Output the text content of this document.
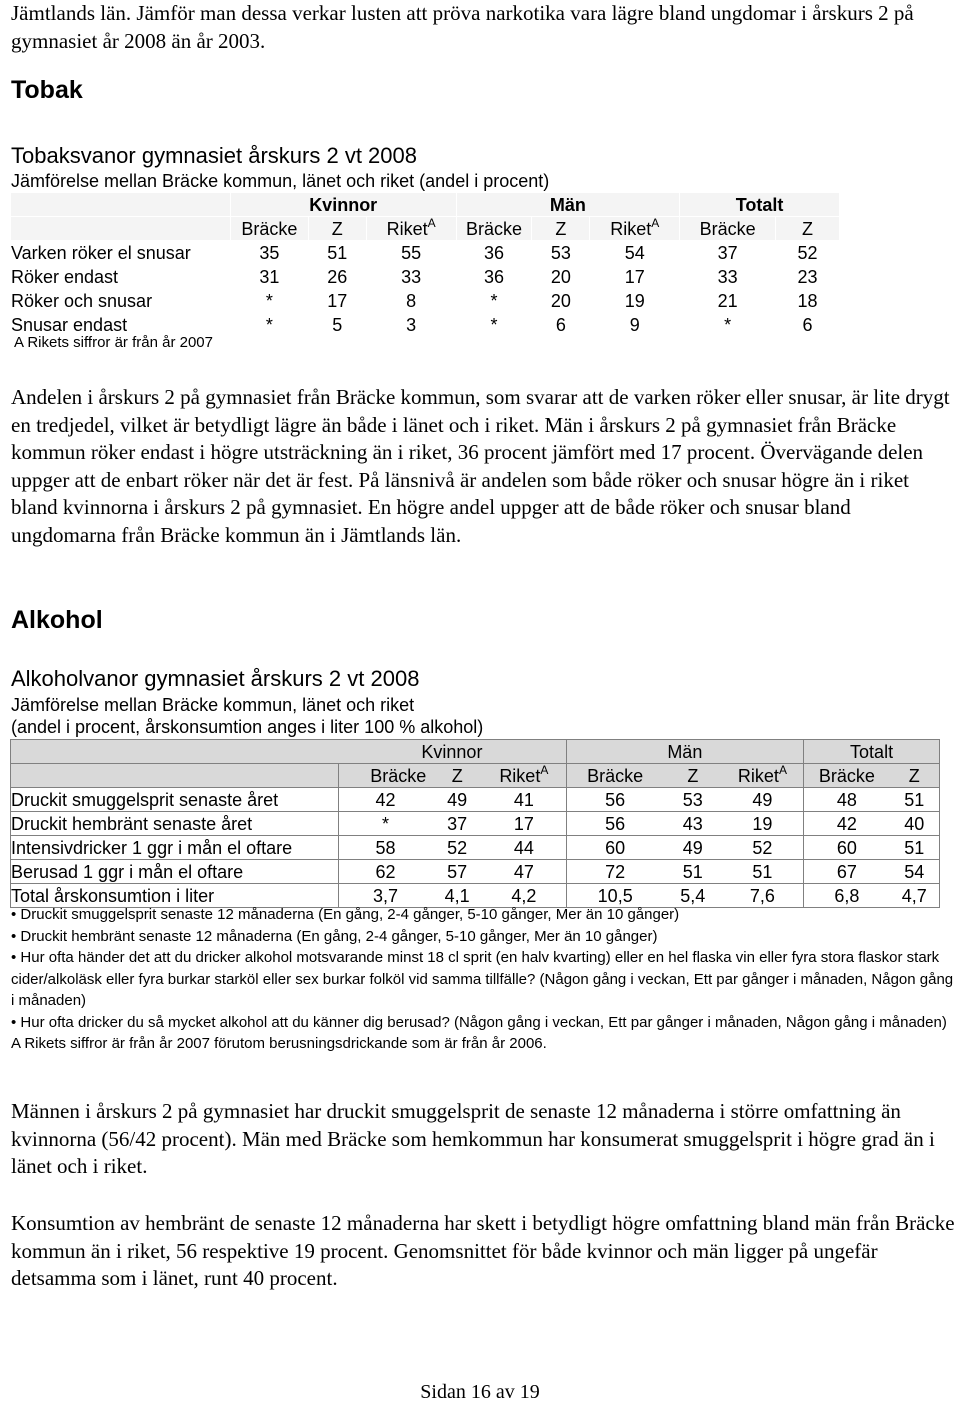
Jämtlands län. Jämför man dessa verkar lusten att pröva narkotika vara lägre bland ungdomar i årskurs 2 på gymnasiet år 2008 än år 2003.

Tobak

Tobaksvanor gymnasiet årskurs 2 vt 2008

Jämförelse mellan Bräcke kommun, länet och riket (andel i procent)

	Kvinnor			Män			Totalt	
	Bräcke	Z	Riket$^A$	Bräcke	Z	Riket$^A$	Bräcke	Z
Varken röker el snusar	35	51	55	36	53	54	37	52
Röker endast	31	26	33	36	20	17	33	23
Röker och snusar	*	17	8	*	20	19	21	18
Snusar endast	*	5	3	*	6	9	*	6

A Rikets siffror är från år 2007

Andelen i årskurs 2 på gymnasiet från Bräcke kommun, som svarar att de varken röker eller snusar, är lite drygt en tredjedel, vilket är betydligt lägre än både i länet och i riket. Män i årskurs 2 på gymnasiet från Bräcke kommun röker endast i högre utsträckning än i riket, 36 procent jämfört med 17 procent. Övervägande delen uppger att de enbart röker när det är fest. På länsnivå är andelen som både röker och snusar högre än i riket bland kvinnorna i årskurs 2 på gymnasiet. En högre andel uppger att de både röker och snusar bland ungdomarna från Bräcke kommun än i Jämtlands län.

Alkohol

Alkoholvanor gymnasiet årskurs 2 vt 2008

Jämförelse mellan Bräcke kommun, länet och riket

(andel i procent, årskonsumtion anges i liter 100 % alkohol)

	Kvinnor			Män			Totalt	
	Bräcke	Z	Riket$^A$	Bräcke	Z	Riket$^A$	Bräcke	Z
Druckit smuggelsprit senaste året	42	49	41	56	53	49	48	51
Druckit hembränt senaste året	*	37	17	56	43	19	42	40
Intensivdricker 1 ggr i mån el oftare	58	52	44	60	49	52	60	51
Berusad 1 ggr i mån el oftare	62	57	47	72	51	51	67	54
Total årskonsumtion i liter	3,7	4,1	4,2	10,5	5,4	7,6	6,8	4,7
• Druckit smuggelsprit senaste 12 månaderna (En gång, 2-4 gånger, 5-10 gånger, Mer än 10 gånger)
• Druckit hembränt senaste 12 månaderna (En gång, 2-4 gånger, 5-10 gånger, Mer än 10 gånger)
• Hur ofta händer det att du dricker alkohol motsvarande minst 18 cl sprit (en halv kvarting) eller en hel flaska vin eller fyra stora flaskor stark cider/alkoläsk eller fyra burkar starköl eller sex burkar folköl vid samma tillfälle? (Någon gång i veckan, Ett par gånger i månaden, Någon gång i månaden)
• Hur ofta dricker du så mycket alkohol att du känner dig berusad? (Någon gång i veckan, Ett par gånger i månaden, Någon gång i månaden)
A Rikets siffror är från år 2007 förutom berusningsdrickande som är från år 2006.

Männen i årskurs 2 på gymnasiet har druckit smuggelsprit de senaste 12 månaderna i större omfattning än kvinnorna (56/42 procent). Män med Bräcke som hemkommun har konsumerat smuggelsprit i högre grad än i länet och i riket.

Konsumtion av hembränt de senaste 12 månaderna har skett i betydligt högre omfattning bland män från Bräcke kommun än i riket, 56 respektive 19 procent. Genomsnittet för både kvinnor och män ligger på ungefär detsamma som i länet, runt 40 procent.

Sidan 16 av 19
